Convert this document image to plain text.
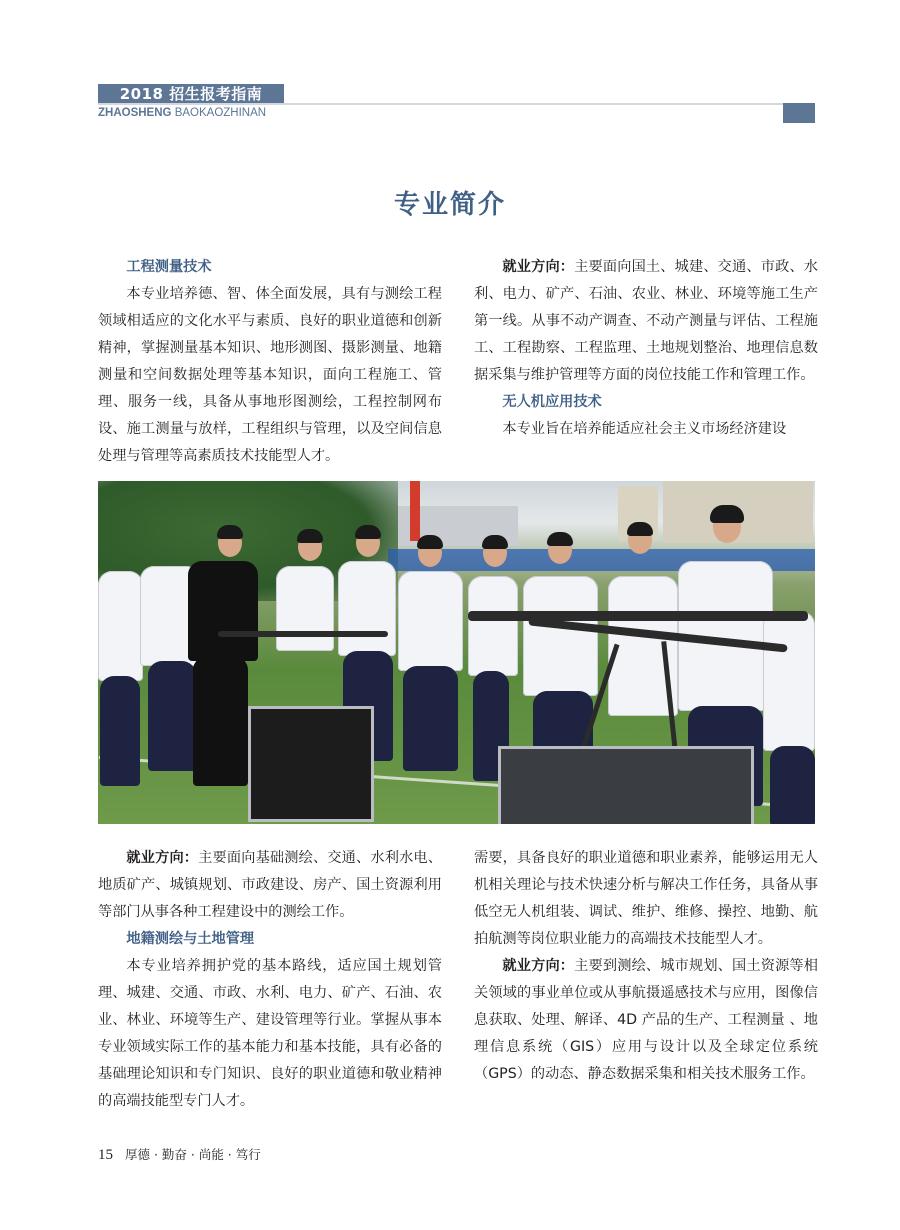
2018 招生报考指南
ZHAOSHENG BAOKAOZHINAN
专业简介
工程测量技术

本专业培养德、智、体全面发展，具有与测绘工程领域相适应的文化水平与素质、良好的职业道德和创新精神，掌握测量基本知识、地形测图、摄影测量、地籍测量和空间数据处理等基本知识，面向工程施工、管理、服务一线，具备从事地形图测绘，工程控制网布设、施工测量与放样，工程组织与管理，以及空间信息处理与管理等高素质技术技能型人才。

就业方向：主要面向国土、城建、交通、市政、水利、电力、矿产、石油、农业、林业、环境等施工生产第一线。从事不动产调查、不动产测量与评估、工程施工、工程勘察、工程监理、土地规划整治、地理信息数据采集与维护管理等方面的岗位技能工作和管理工作。

无人机应用技术

本专业旨在培养能适应社会主义市场经济建设

就业方向：主要面向基础测绘、交通、水利水电、地质矿产、城镇规划、市政建设、房产、国土资源利用等部门从事各种工程建设中的测绘工作。

地籍测绘与土地管理

本专业培养拥护党的基本路线，适应国土规划管理、城建、交通、市政、水利、电力、矿产、石油、农业、林业、环境等生产、建设管理等行业。掌握从事本专业领域实际工作的基本能力和基本技能，具有必备的基础理论知识和专门知识、良好的职业道德和敬业精神的高端技能型专门人才。

需要，具备良好的职业道德和职业素养，能够运用无人机相关理论与技术快速分析与解决工作任务，具备从事低空无人机组装、调试、维护、维修、操控、地勤、航拍航测等岗位职业能力的高端技术技能型人才。

就业方向：主要到测绘、城市规划、国土资源等相关领域的事业单位或从事航摄遥感技术与应用，图像信息获取、处理、解译、4D 产品的生产、工程测量 、地理信息系统（GIS）应用与设计以及全球定位系统（GPS）的动态、静态数据采集和相关技术服务工作。

15 厚德 · 勤奋 · 尚能 · 笃行
